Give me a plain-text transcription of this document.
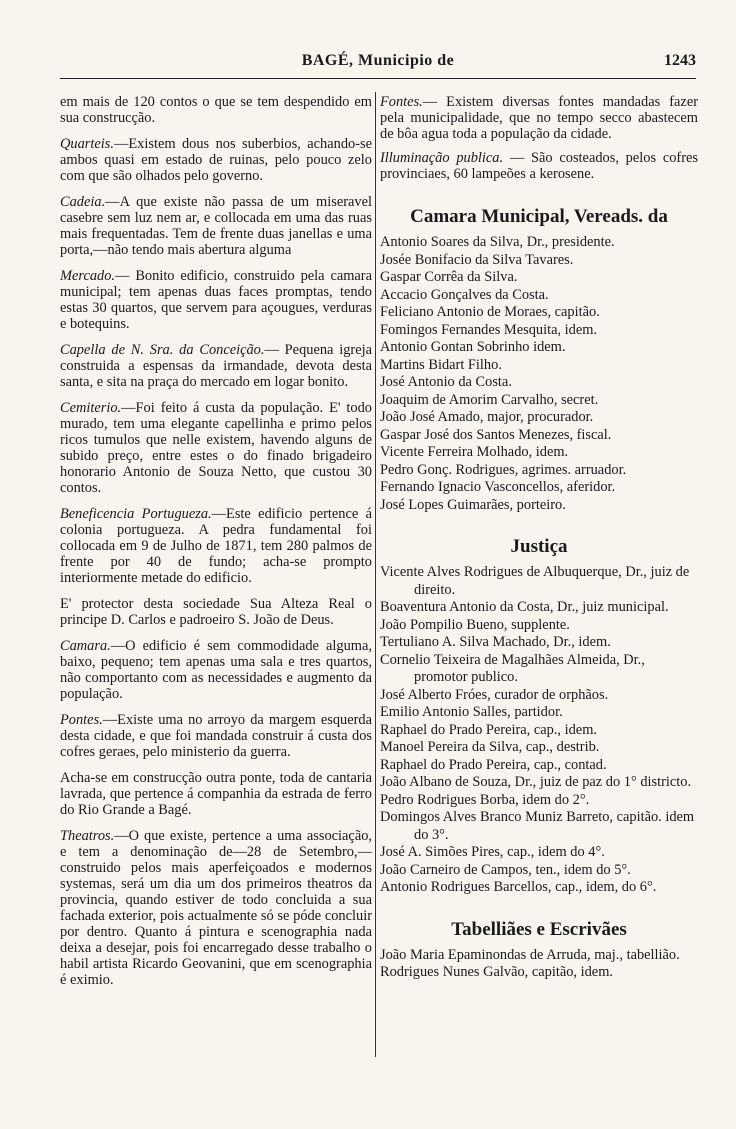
BAGÉ, Municipio de	1243

em mais de 120 contos o que se tem despendido em sua construcção.

Quarteis.—Existem dous nos suberbios, achando-se ambos quasi em estado de ruinas, pelo pouco zelo com que são olhados pelo governo.

Cadeia.—A que existe não passa de um miseravel casebre sem luz nem ar, e collocada em uma das ruas mais frequentadas. Tem de frente duas janellas e uma porta,—não tendo mais abertura alguma

Mercado.— Bonito edificio, construido pela camara municipal; tem apenas duas faces promptas, tendo estas 30 quartos, que servem para açougues, verduras e botequins.

Capella de N. Sra. da Conceição.— Pequena igreja construida a espensas da irmandade, devota desta santa, e sita na praça do mercado em logar bonito.

Cemiterio.—Foi feito á custa da população. E' todo murado, tem uma elegante capellinha e primo pelos ricos tumulos que nelle existem, havendo alguns de subido preço, entre estes o do finado brigadeiro honorario Antonio de Souza Netto, que custou 30 contos.

Beneficencia Portugueza.—Este edificio pertence á colonia portugueza. A pedra fundamental foi collocada em 9 de Julho de 1871, tem 280 palmos de frente por 40 de fundo; acha-se prompto interiormente metade do edificio.

E' protector desta sociedade Sua Alteza Real o principe D. Carlos e padroeiro S. João de Deus.

Camara.—O edificio é sem commodidade alguma, baixo, pequeno; tem apenas uma sala e tres quartos, não comportanto com as necessidades e augmento da população.

Pontes.—Existe uma no arroyo da margem esquerda desta cidade, e que foi mandada construir á custa dos cofres geraes, pelo ministerio da guerra.

Acha-se em construcção outra ponte, toda de cantaria lavrada, que pertence á companhia da estrada de ferro do Rio Grande a Bagé.

Theatros.—O que existe, pertence a uma associação, e tem a denominação de—28 de Setembro,—construido pelos mais aperfeiçoados e modernos systemas, será um dia um dos primeiros theatros da provincia, quando estiver de todo concluida a sua fachada exterior, pois actualmente só se póde concluir por dentro. Quanto á pintura e scenographia nada deixa a desejar, pois foi encarregado desse trabalho o habil artista Ricardo Geovanini, que em scenographia é eximio.

Fontes.— Existem diversas fontes mandadas fazer pela municipalidade, que no tempo secco abastecem de bôa agua toda a população da cidade.

Illuminação publica. — São costeados, pelos cofres provinciaes, 60 lampeões a kerosene.

Camara Municipal, Vereads. da

Antonio Soares da Silva, Dr., presidente.

Josée Bonifacio da Silva Tavares.

Gaspar Corrêa da Silva.

Accacio Gonçalves da Costa.

Feliciano Antonio de Moraes, capitão.

Fomingos Fernandes Mesquita, idem.

Antonio Gontan Sobrinho idem.

Martins Bidart Filho.

José Antonio da Costa.

Joaquim de Amorim Carvalho, secret.

João José Amado, major, procurador.

Gaspar José dos Santos Menezes, fiscal.

Vicente Ferreira Molhado, idem.

Pedro Gonç. Rodrigues, agrimes. arruador.

Fernando Ignacio Vasconcellos, aferidor.

José Lopes Guimarães, porteiro.

Justiça

Vicente Alves Rodrigues de Albuquerque, Dr., juiz de direito.

Boaventura Antonio da Costa, Dr., juiz municipal.

João Pompilio Bueno, supplente.

Tertuliano A. Silva Machado, Dr., idem.

Cornelio Teixeira de Magalhães Almeida, Dr., promotor publico.

José Alberto Fróes, curador de orphãos.

Emilio Antonio Salles, partidor.

Raphael do Prado Pereira, cap., idem.

Manoel Pereira da Silva, cap., destrib.

Raphael do Prado Pereira, cap., contad.

João Albano de Souza, Dr., juiz de paz do 1° districto.

Pedro Rodrigues Borba, idem do 2°.

Domingos Alves Branco Muniz Barreto, capitão. idem do 3°.

José A. Simões Pires, cap., idem do 4°.

João Carneiro de Campos, ten., idem do 5°.

Antonio Rodrigues Barcellos, cap., idem, do 6°.

Tabelliães e Escrivães

João Maria Epaminondas de Arruda, maj., tabellião.

Rodrigues Nunes Galvão, capitão, idem.
